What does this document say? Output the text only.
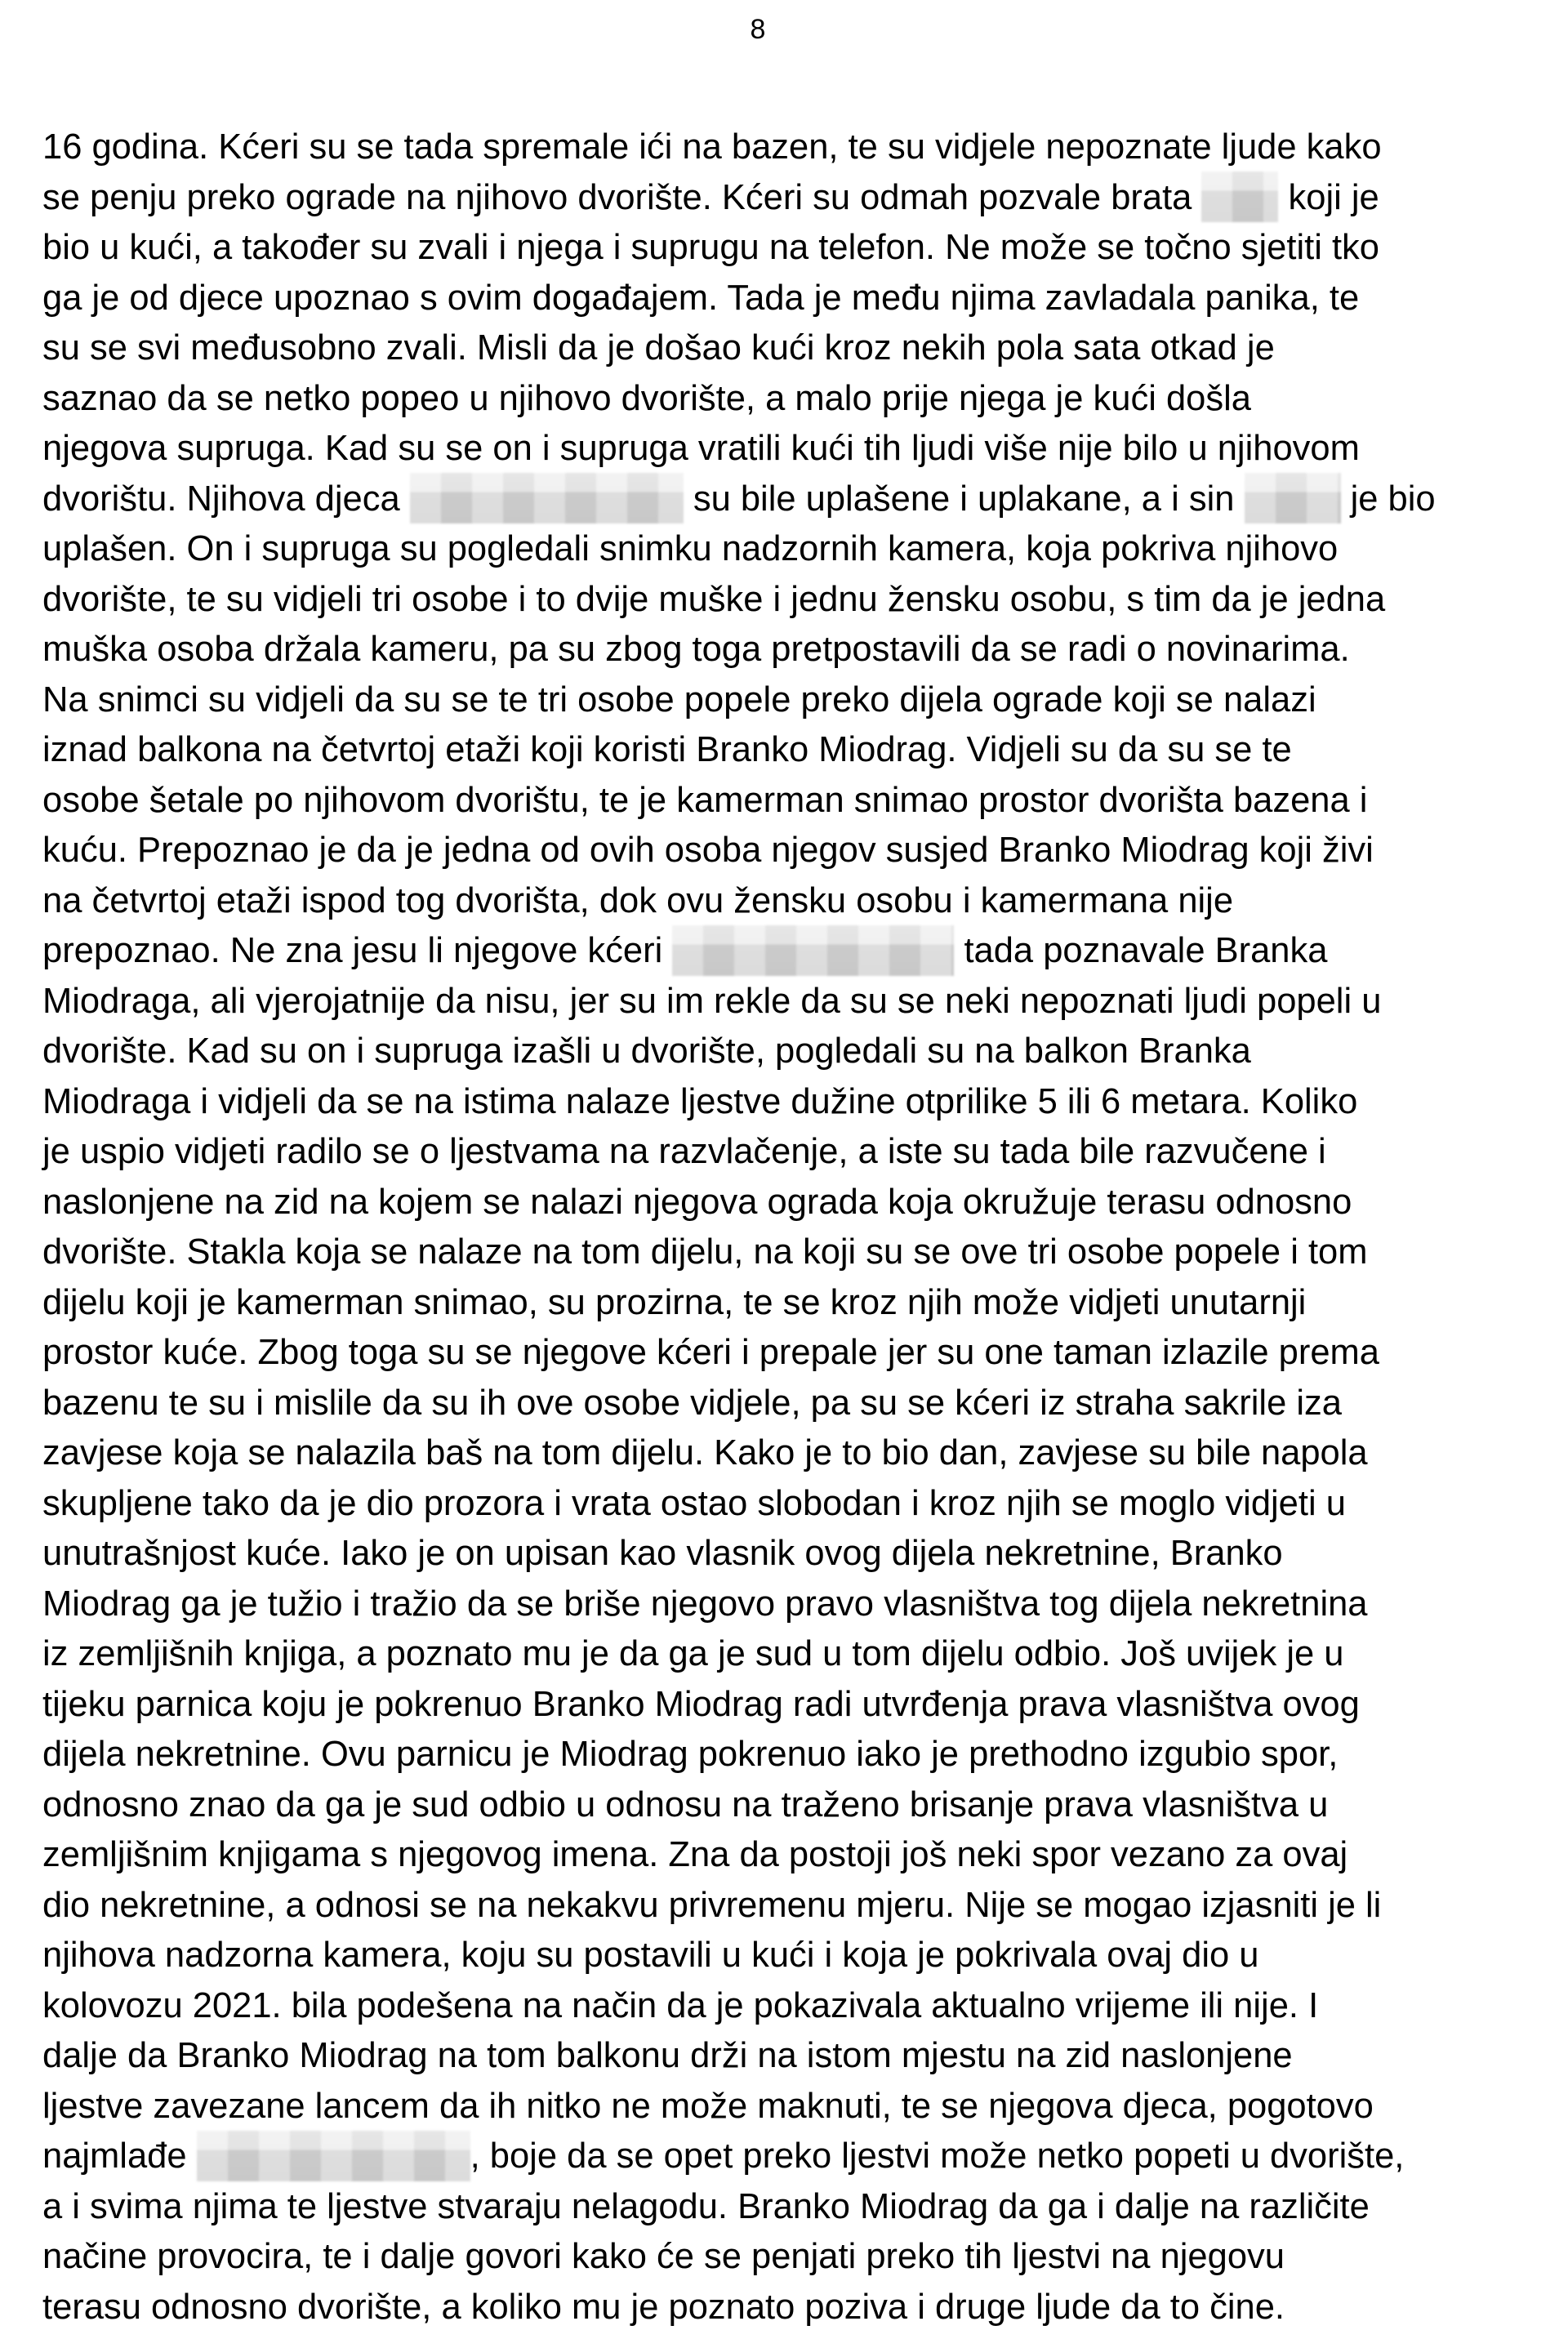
8
16 godina. Kćeri su se tada spremale ići na bazen, te su vidjele nepoznate ljude kako
se penju preko ograde na njihovo dvorište. Kćeri su odmah pozvale brata  koji je
bio u kući, a također su zvali i njega i suprugu na telefon. Ne može se točno sjetiti tko
ga je od djece upoznao s ovim događajem. Tada je među njima zavladala panika, te
su se svi međusobno zvali. Misli da je došao kući kroz nekih pola sata otkad je
saznao da se netko popeo u njihovo dvorište, a malo prije njega je kući došla
njegova supruga. Kad su se on i supruga vratili kući tih ljudi više nije bilo u njihovom
dvorištu. Njihova djeca	su bile uplašene i uplakane, a i sin	je bio
uplašen. On i supruga su pogledali snimku nadzornih kamera, koja pokriva njihovo
dvorište, te su vidjeli tri osobe i to dvije muške i jednu žensku osobu, s tim da je jedna
muška osoba držala kameru, pa su zbog toga pretpostavili da se radi o novinarima.
Na snimci su vidjeli da su se te tri osobe popele preko dijela ograde koji se nalazi
iznad balkona na četvrtoj etaži koji koristi Branko Miodrag. Vidjeli su da su se te
osobe šetale po njihovom dvorištu, te je kamerman snimao prostor dvorišta bazena i
kuću. Prepoznao je da je jedna od ovih osoba njegov susjed Branko Miodrag koji živi
na četvrtoj etaži ispod tog dvorišta, dok ovu žensku osobu i kamermana nije
prepoznao. Ne zna jesu li njegove kćeri	tada poznavale Branka
Miodraga, ali vjerojatnije da nisu, jer su im rekle da su se neki nepoznati ljudi popeli u
dvorište. Kad su on i supruga izašli u dvorište, pogledali su na balkon Branka
Miodraga i vidjeli da se na istima nalaze ljestve dužine otprilike 5 ili 6 metara. Koliko
je uspio vidjeti radilo se o ljestvama na razvlačenje, a iste su tada bile razvučene i
naslonjene na zid na kojem se nalazi njegova ograda koja okružuje terasu odnosno
dvorište. Stakla koja se nalaze na tom dijelu, na koji su se ove tri osobe popele i tom
dijelu koji je kamerman snimao, su prozirna, te se kroz njih može vidjeti unutarnji
prostor kuće. Zbog toga su se njegove kćeri i prepale jer su one taman izlazile prema
bazenu te su i mislile da su ih ove osobe vidjele, pa su se kćeri iz straha sakrile iza
zavjese koja se nalazila baš na tom dijelu. Kako je to bio dan, zavjese su bile napola
skupljene tako da je dio prozora i vrata ostao slobodan i kroz njih se moglo vidjeti u
unutrašnjost kuće. Iako je on upisan kao vlasnik ovog dijela nekretnine, Branko
Miodrag ga je tužio i tražio da se briše njegovo pravo vlasništva tog dijela nekretnina
iz zemljišnih knjiga, a poznato mu je da ga je sud u tom dijelu odbio. Još uvijek je u
tijeku parnica koju je pokrenuo Branko Miodrag radi utvrđenja prava vlasništva ovog
dijela nekretnine. Ovu parnicu je Miodrag pokrenuo iako je prethodno izgubio spor,
odnosno znao da ga je sud odbio u odnosu na traženo brisanje prava vlasništva u
zemljišnim knjigama s njegovog imena. Zna da postoji još neki spor vezano za ovaj
dio nekretnine, a odnosi se na nekakvu privremenu mjeru. Nije se mogao izjasniti je li
njihova nadzorna kamera, koju su postavili u kući i koja je pokrivala ovaj dio u
kolovozu 2021. bila podešena na način da je pokazivala aktualno vrijeme ili nije. I
dalje da Branko Miodrag na tom balkonu drži na istom mjestu na zid naslonjene
ljestve zavezane lancem da ih nitko ne može maknuti, te se njegova djeca, pogotovo
najmlađe	, boje da se opet preko ljestvi može netko popeti u dvorište,
a i svima njima te ljestve stvaraju nelagodu. Branko Miodrag da ga i dalje na različite
načine provocira, te i dalje govori kako će se penjati preko tih ljestvi na njegovu
terasu odnosno dvorište, a koliko mu je poznato poziva i druge ljude da to čine.
